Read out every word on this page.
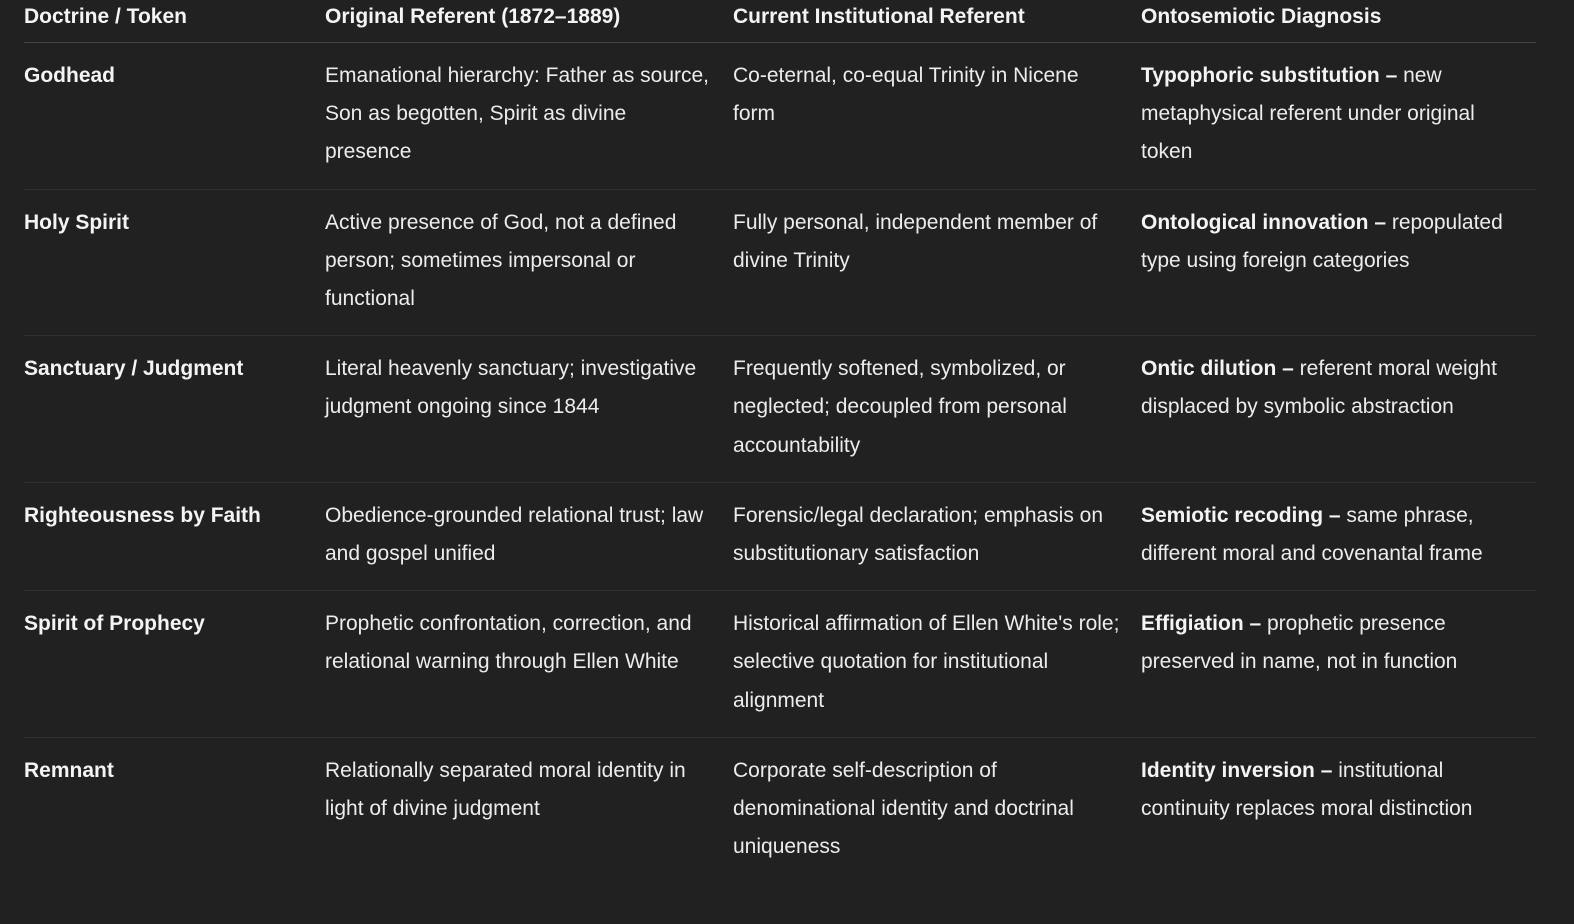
Doctrine / Token	Original Referent (1872–1889)	Current Institutional Referent	Ontosemiotic Diagnosis
Godhead	Emanational hierarchy: Father as source, Son as begotten, Spirit as divine presence	Co-eternal, co-equal Trinity in Nicene form	Typophoric substitution – new metaphysical referent under original token
Holy Spirit	Active presence of God, not a defined person; sometimes impersonal or functional	Fully personal, independent member of divine Trinity	Ontological innovation – repopulated type using foreign categories
Sanctuary / Judgment	Literal heavenly sanctuary; investigative judgment ongoing since 1844	Frequently softened, symbolized, or neglected; decoupled from personal accountability	Ontic dilution – referent moral weight displaced by symbolic abstraction
Righteousness by Faith	Obedience-grounded relational trust; law and gospel unified	Forensic/legal declaration; emphasis on substitutionary satisfaction	Semiotic recoding – same phrase, different moral and covenantal frame
Spirit of Prophecy	Prophetic confrontation, correction, and relational warning through Ellen White	Historical affirmation of Ellen White's role; selective quotation for institutional alignment	Effigiation – prophetic presence preserved in name, not in function
Remnant	Relationally separated moral identity in light of divine judgment	Corporate self-description of denominational identity and doctrinal uniqueness	Identity inversion – institutional continuity replaces moral distinction
